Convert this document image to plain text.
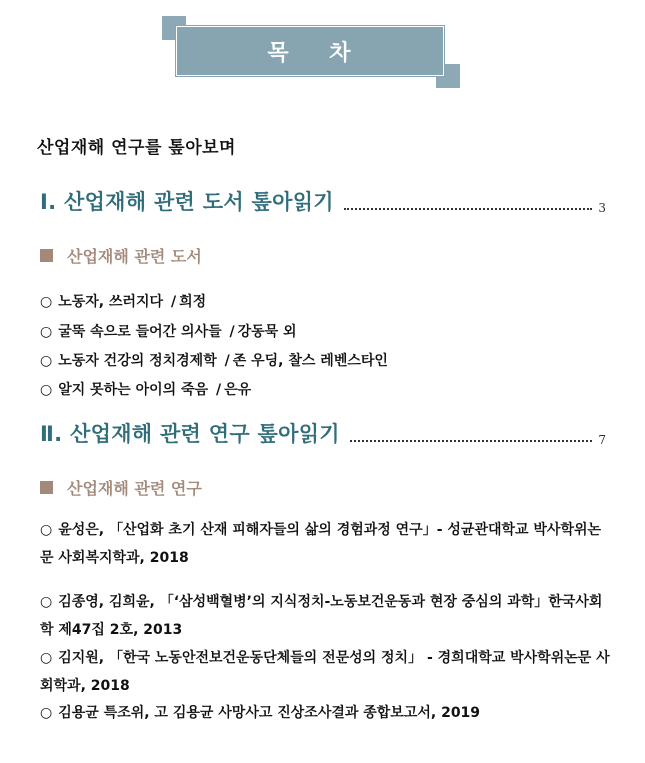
목    차
산업재해 연구를 톺아보며
Ⅰ. 산업재해 관련 도서 톺아읽기	3
산업재해 관련 도서
○ 노동자, 쓰러지다 / 희정
○ 굴뚝 속으로 들어간 의사들 / 강동묵 외
○ 노동자 건강의 정치경제학 / 존 우딩, 찰스 레벤스타인
○ 알지 못하는 아이의 죽음 / 은유
Ⅱ. 산업재해 관련 연구 톺아읽기	7
산업재해 관련 연구
○ 윤성은, 「산업화 초기 산재 피해자들의 삶의 경험과정 연구」- 성균관대학교 박사학위논문 사회복지학과, 2018
○ 김종영, 김희윤, 「‘삼성백혈병’의 지식정치-노동보건운동과 현장 중심의 과학」한국사회학 제47집 2호, 2013
○ 김지원, 「한국 노동안전보건운동단체들의 전문성의 정치」 - 경희대학교 박사학위논문 사회학과, 2018
○ 김용균 특조위, 고 김용균 사망사고 진상조사결과 종합보고서, 2019
